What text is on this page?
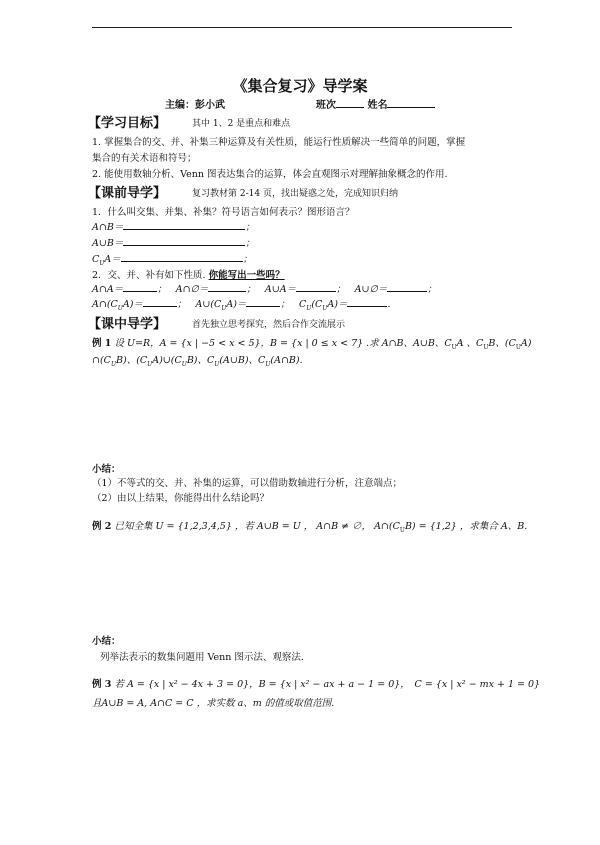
《集合复习》导学案
主编：彭小武	班次	姓名
【学习目标】	其中 1、2 是重点和难点
1. 掌握集合的交、并、补集三种运算及有关性质，能运行性质解决一些简单的问题，掌握
集合的有关术语和符号；
2. 能使用数轴分析、Venn 图表达集合的运算，体会直观图示对理解抽象概念的作用.
【课前导学】	复习教材第 2-14 页，找出疑惑之处，完成知识归纳
1．什么叫交集、并集、补集？符号语言如何表示？图形语言？
A∩B＝	；
A∪B＝	；
$C_UA=$	；
2．交、并、补有如下性质. 你能写出一些吗？
A∩A＝	； A∩∅＝	； A∪A＝	； A∪∅＝	；
$A\cap(C_UA)=$	； $A\cup(C_UA)=$	； $C_U(C_UA)=$	.
【课中导学】	首先独立思考探究，然后合作交流展示
例 1 设 U=R，A = {x | −5 < x < 5}，B = {x | 0 ≤ x < 7} .求 A∩B、A∪B、$C_UA$ 、$C_UB$、$(C_UA)$
$\cap(C_UB)$、$(C_UA)\cup(C_UB)$、$C_U(A\cup B)$、$C_U(A\cap B)$.
小结：
（1）不等式的交、并、补集的运算，可以借助数轴进行分析，注意端点；
（2）由以上结果，你能得出什么结论吗？
例 2 已知全集 U = {1,2,3,4,5} ，若 A∪B = U ， A∩B ≠ ∅， $A\cap(C_UB) = \{1,2\}$ ，求集合 A、B.
小结：
列举法表示的数集问题用 Venn 图示法、观察法.
例 3 若 A = {x | x² − 4x + 3 = 0}，B = {x | x² − ax + a − 1 = 0}，　C = {x | x² − mx + 1 = 0}
且A∪B = A, A∩C = C ，求实数 a、m 的值或取值范围.
